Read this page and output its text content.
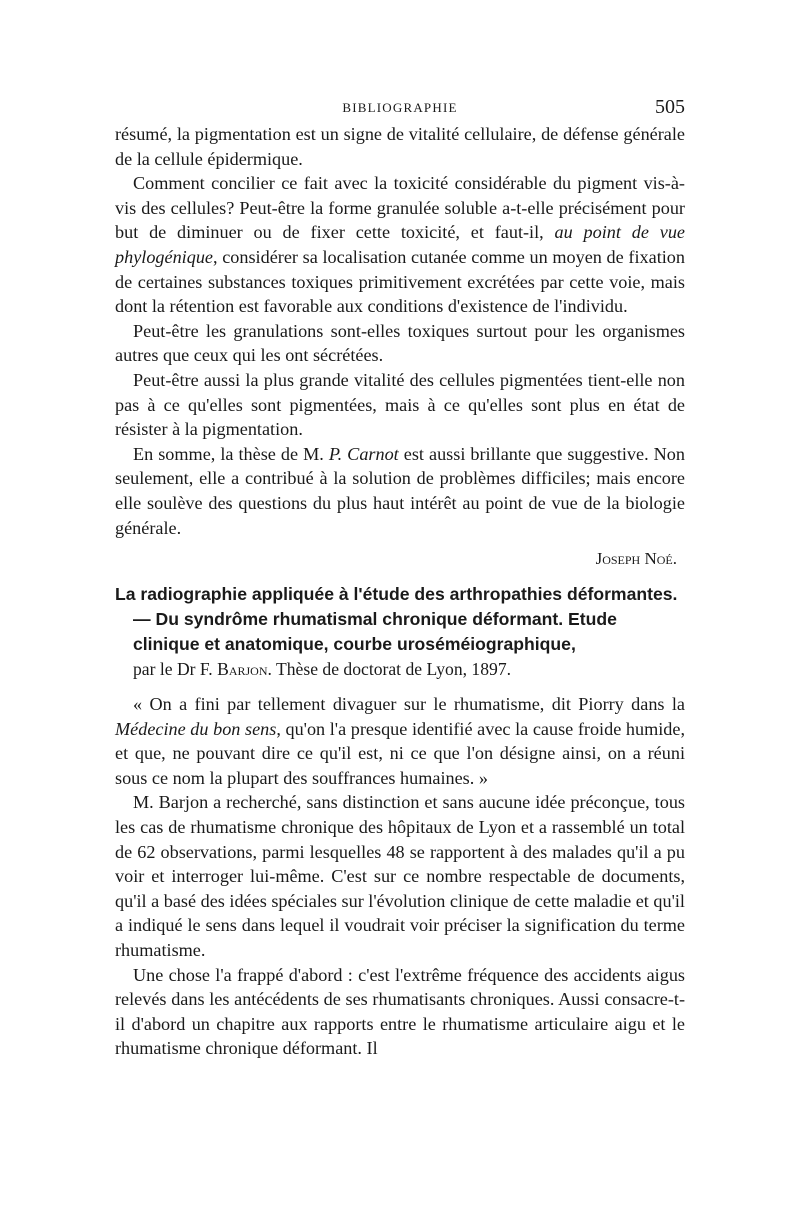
BIBLIOGRAPHIE	505

résumé, la pigmentation est un signe de vitalité cellulaire, de défense générale de la cellule épidermique.

Comment concilier ce fait avec la toxicité considérable du pigment vis-à-vis des cellules? Peut-être la forme granulée soluble a-t-elle précisément pour but de diminuer ou de fixer cette toxicité, et faut-il, au point de vue phylogénique, considérer sa localisation cutanée comme un moyen de fixation de certaines substances toxiques primitivement excrétées par cette voie, mais dont la rétention est favorable aux conditions d'existence de l'individu.

Peut-être les granulations sont-elles toxiques surtout pour les organismes autres que ceux qui les ont sécrétées.

Peut-être aussi la plus grande vitalité des cellules pigmentées tient-elle non pas à ce qu'elles sont pigmentées, mais à ce qu'elles sont plus en état de résister à la pigmentation.

En somme, la thèse de M. P. Carnot est aussi brillante que suggestive. Non seulement, elle a contribué à la solution de problèmes difficiles; mais encore elle soulève des questions du plus haut intérêt au point de vue de la biologie générale.

Joseph Noé.

La radiographie appliquée à l'étude des arthropathies déformantes. — Du syndrôme rhumatismal chronique déformant. Etude clinique et anatomique, courbe uroséméiographique,

par le Dr F. Barjon. Thèse de doctorat de Lyon, 1897.

« On a fini par tellement divaguer sur le rhumatisme, dit Piorry dans la Médecine du bon sens, qu'on l'a presque identifié avec la cause froide humide, et que, ne pouvant dire ce qu'il est, ni ce que l'on désigne ainsi, on a réuni sous ce nom la plupart des souffrances humaines. »

M. Barjon a recherché, sans distinction et sans aucune idée préconçue, tous les cas de rhumatisme chronique des hôpitaux de Lyon et a rassemblé un total de 62 observations, parmi lesquelles 48 se rapportent à des malades qu'il a pu voir et interroger lui-même. C'est sur ce nombre respectable de documents, qu'il a basé des idées spéciales sur l'évolution clinique de cette maladie et qu'il a indiqué le sens dans lequel il voudrait voir préciser la signification du terme rhumatisme.

Une chose l'a frappé d'abord : c'est l'extrême fréquence des accidents aigus relevés dans les antécédents de ses rhumatisants chroniques. Aussi consacre-t-il d'abord un chapitre aux rapports entre le rhumatisme articulaire aigu et le rhumatisme chronique déformant. Il
